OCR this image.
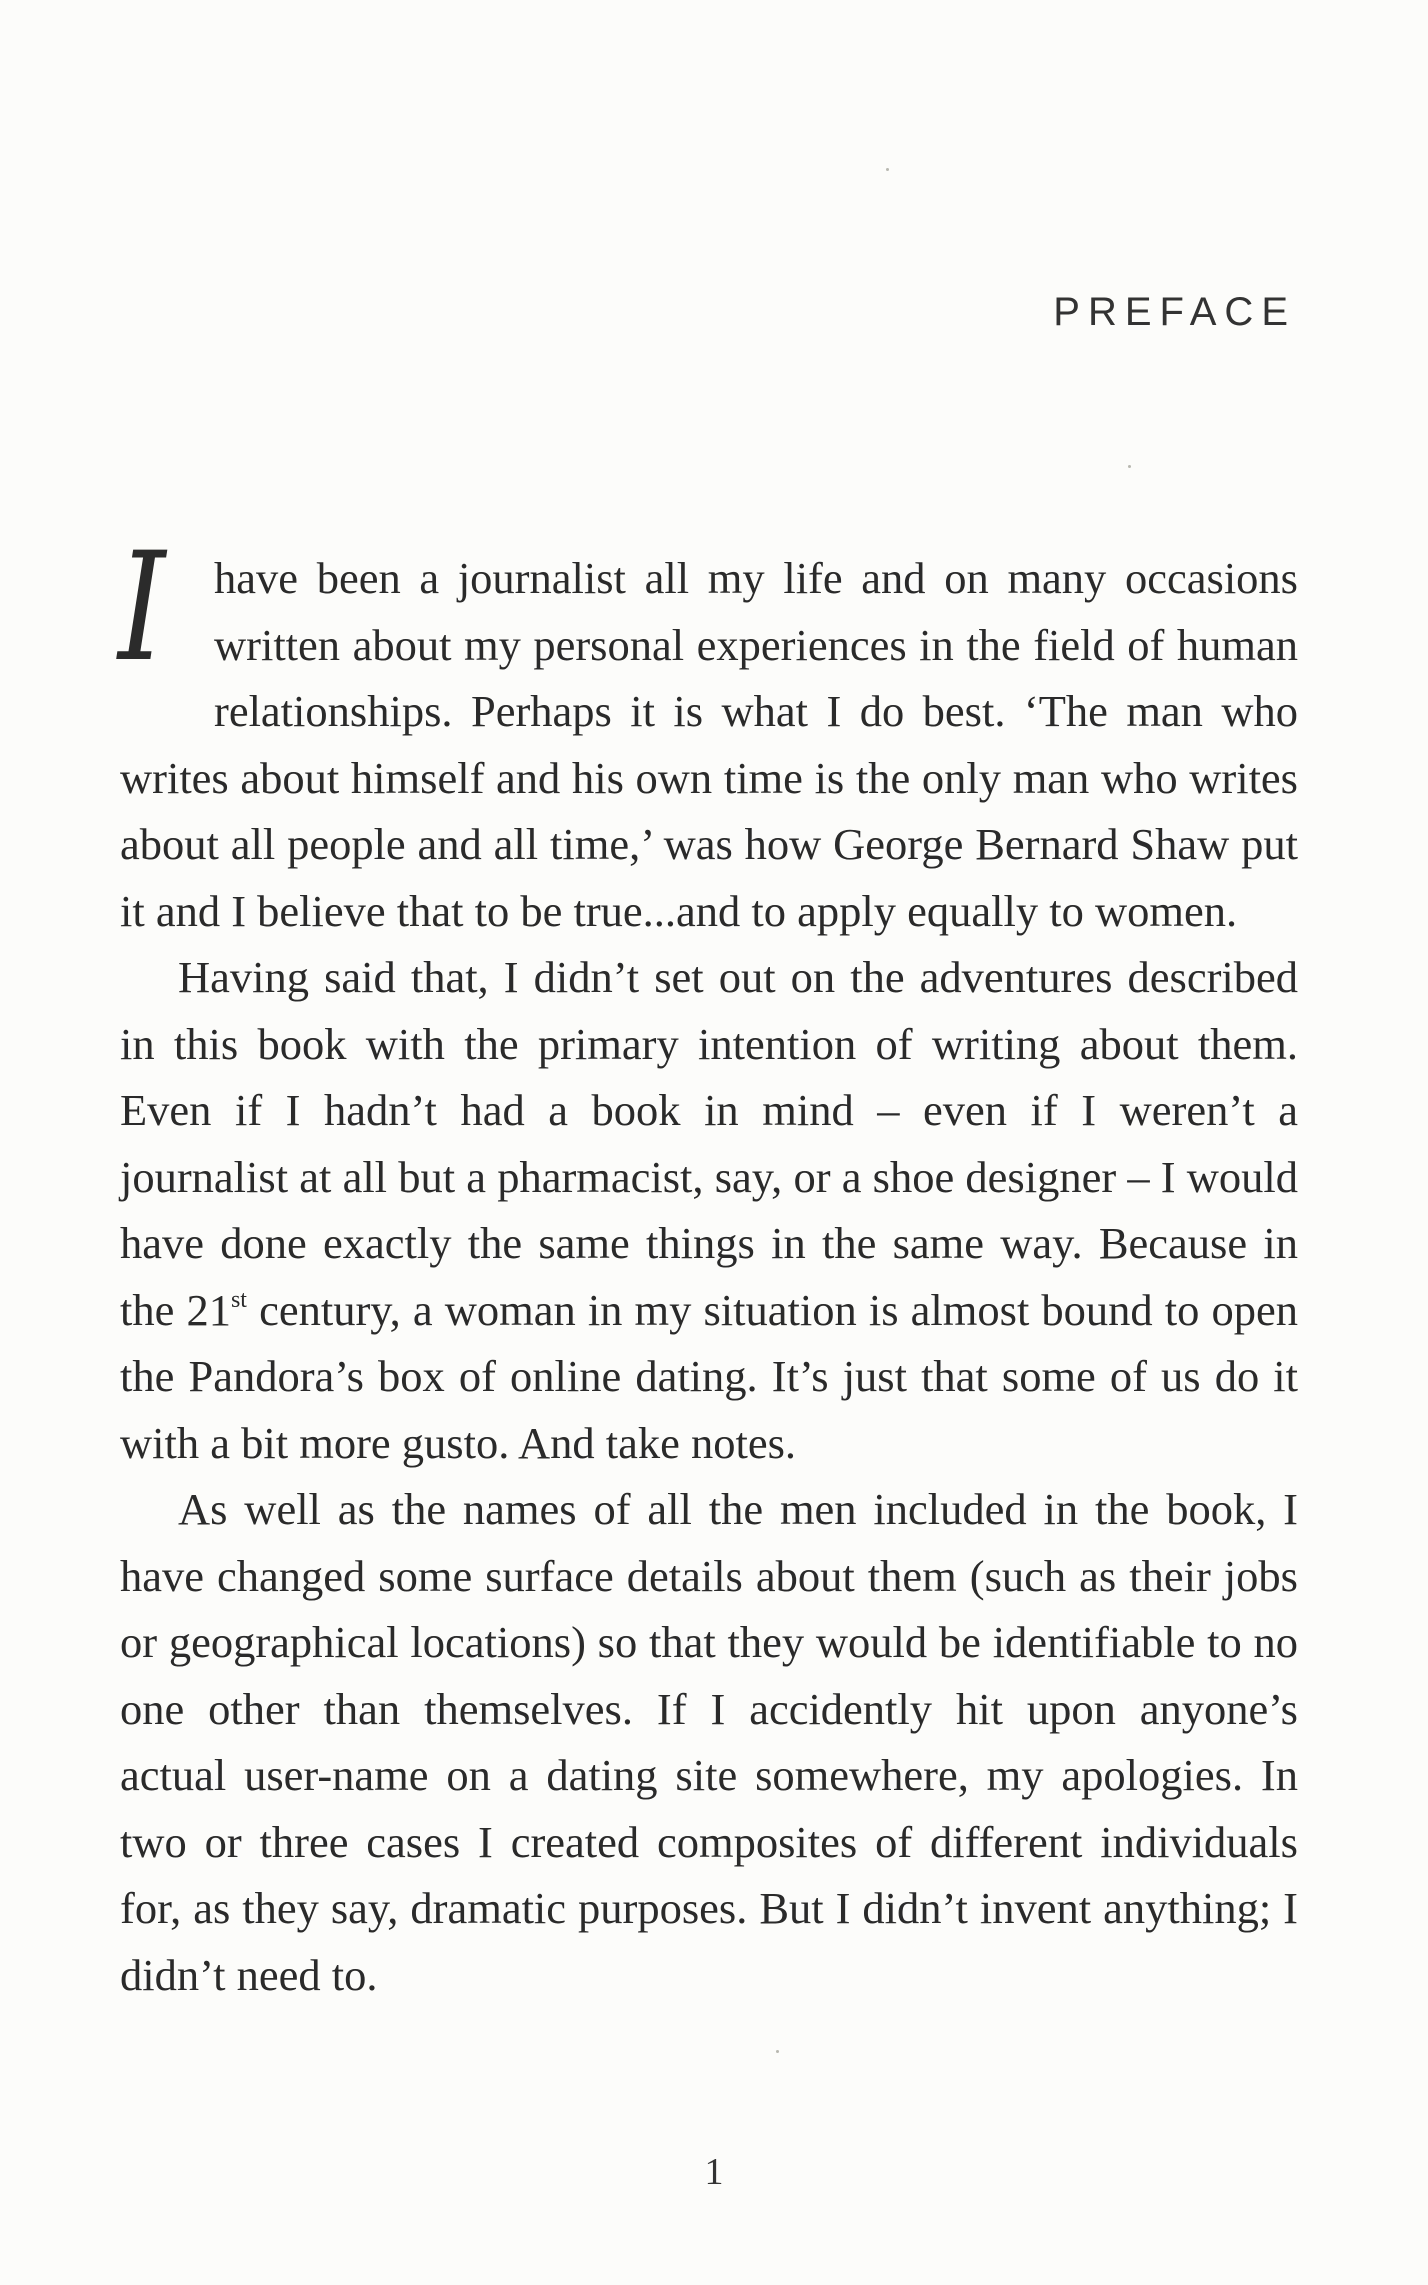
PREFACE

I	have been a journalist all my life and on many occasions written about my personal experiences in the field of human relationships. Perhaps it is what I do best. ‘The man who writes about himself and his own time is the only man who writes about all people and all time,’ was how George Bernard Shaw put it and I believe that to be true...and to apply equally to women.

Having said that, I didn’t set out on the adventures described in this book with the primary intention of writing about them. Even if I hadn’t had a book in mind – even if I weren’t a journalist at all but a pharmacist, say, or a shoe designer – I would have done exactly the same things in the same way. Because in the 21st century, a woman in my situation is almost bound to open the Pandora’s box of online dating. It’s just that some of us do it with a bit more gusto. And take notes.

As well as the names of all the men included in the book, I have changed some surface details about them (such as their jobs or geographical locations) so that they would be identifiable to no one other than themselves. If I accidently hit upon anyone’s actual user-name on a dating site somewhere, my apologies. In two or three cases I created composites of different individuals for, as they say, dramatic purposes. But I didn’t invent anything; I didn’t need to.

1
